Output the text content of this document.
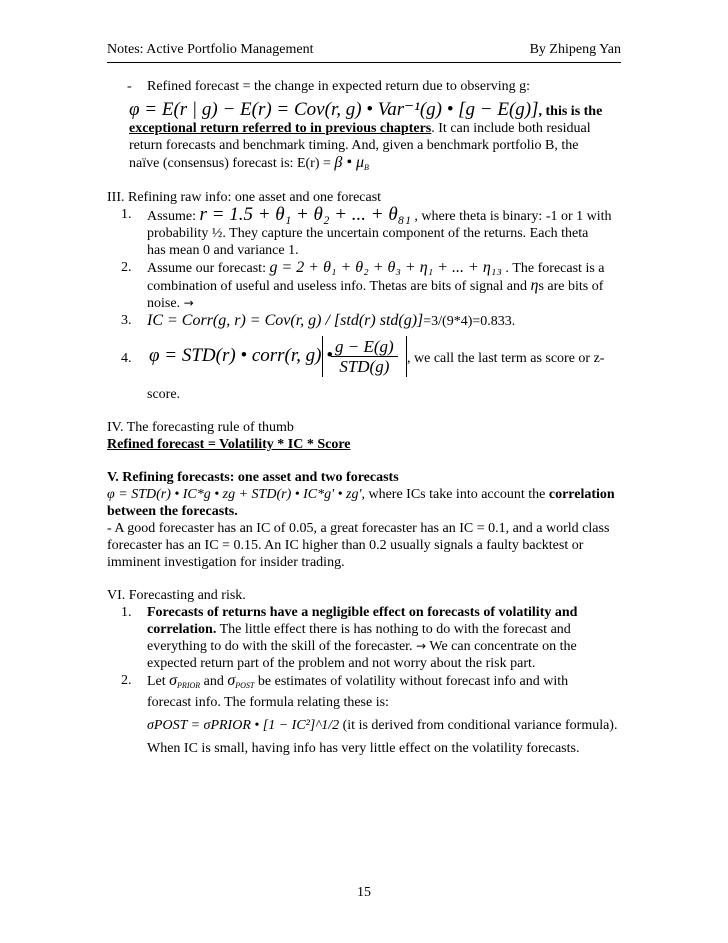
Notes: Active Portfolio Management	By Zhipeng Yan
- Refined forecast = the change in expected return due to observing g:
φ = E(r | g) − E(r) = Cov(r, g) • Var⁻¹(g) • [g − E(g)], this is the
exceptional return referred to in previous chapters. It can include both residual
return forecasts and benchmark timing. And, given a benchmark portfolio B, the
naïve (consensus) forecast is: E(r) = β • $\mu_B$
III. Refining raw info: one asset and one forecast
1. Assume: r = 1.5 + θ₁ + θ₂ + ... + θ₈₁ , where theta is binary: -1 or 1 with
probability ½. They capture the uncertain component of the returns. Each theta
has mean 0 and variance 1.
2. Assume our forecast: g = 2 + θ₁ + θ₂ + θ₃ + η₁ + ... + η₁₃ . The forecast is a
combination of useful and useless info. Thetas are bits of signal and ηs are bits of
noise. →
3. IC = Corr(g, r) = Cov(r, g) / [std(r) std(g)]=3/(9*4)=0.833.
4. φ = STD(r) • corr(r, g) • g − E(g)
STD(g)	, we call the last term as score or z-
score.
IV. The forecasting rule of thumb
Refined forecast = Volatility * IC * Score
V. Refining forecasts: one asset and two forecasts
φ = STD(r) • IC*g • zg + STD(r) • IC*g' • zg', where ICs take into account the correlation
between the forecasts.
- A good forecaster has an IC of 0.05, a great forecaster has an IC = 0.1, and a world class
forecaster has an IC = 0.15. An IC higher than 0.2 usually signals a faulty backtest or
imminent investigation for insider trading.
VI. Forecasting and risk.
1. Forecasts of returns have a negligible effect on forecasts of volatility and
correlation. The little effect there is has nothing to do with the forecast and
everything to do with the skill of the forecaster. → We can concentrate on the
expected return part of the problem and not worry about the risk part.
2. Let $\sigma_{PRIOR}$ and $\sigma_{POST}$ be estimates of volatility without forecast info and with
forecast info. The formula relating these is:
σPOST = σPRIOR • [1 − IC²]^1/2 (it is derived from conditional variance formula).
When IC is small, having info has very little effect on the volatility forecasts.
15
